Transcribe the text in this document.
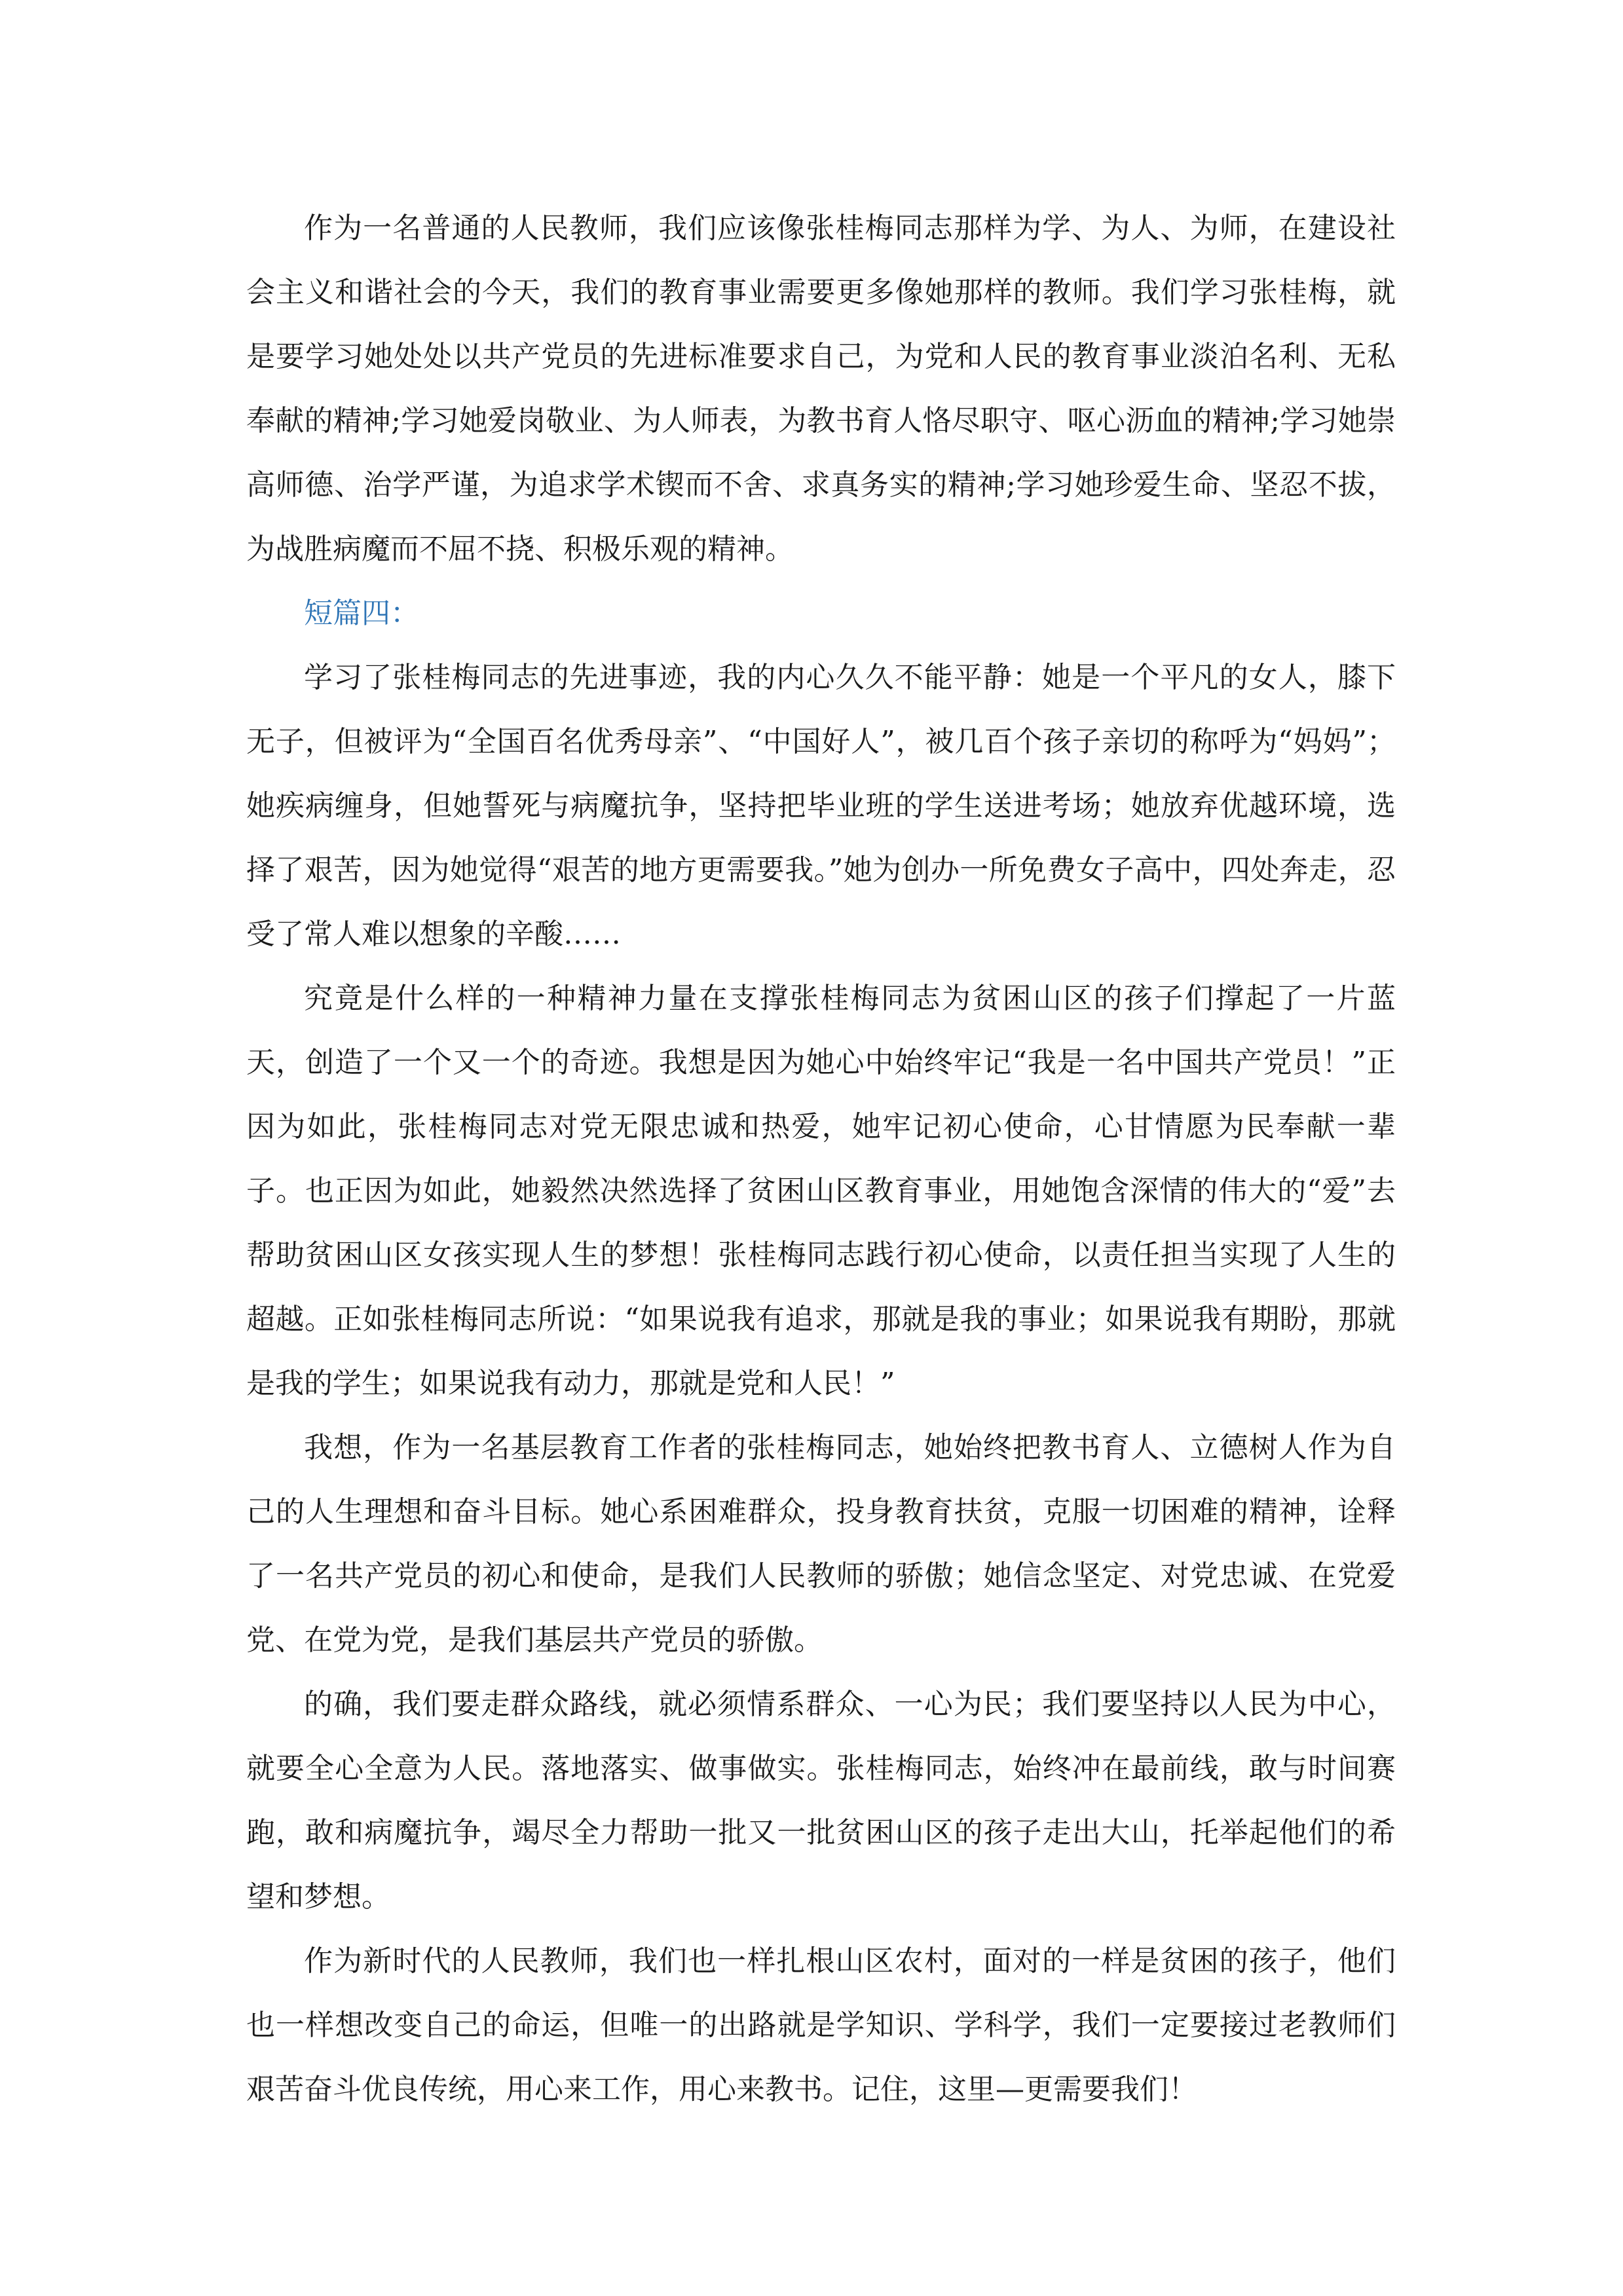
作为一名普通的人民教师，我们应该像张桂梅同志那样为学、为人、为师，在建设社会主义和谐社会的今天，我们的教育事业需要更多像她那样的教师。我们学习张桂梅，就是要学习她处处以共产党员的先进标准要求自己，为党和人民的教育事业淡泊名利、无私奉献的精神;学习她爱岗敬业、为人师表，为教书育人恪尽职守、呕心沥血的精神;学习她崇高师德、治学严谨，为追求学术锲而不舍、求真务实的精神;学习她珍爱生命、坚忍不拔，为战胜病魔而不屈不挠、积极乐观的精神。

短篇四：

学习了张桂梅同志的先进事迹，我的内心久久不能平静：她是一个平凡的女人，膝下无子，但被评为“全国百名优秀母亲”、“中国好人”，被几百个孩子亲切的称呼为“妈妈”；她疾病缠身，但她誓死与病魔抗争，坚持把毕业班的学生送进考场；她放弃优越环境，选择了艰苦，因为她觉得“艰苦的地方更需要我。”她为创办一所免费女子高中，四处奔走，忍受了常人难以想象的辛酸……

究竟是什么样的一种精神力量在支撑张桂梅同志为贫困山区的孩子们撑起了一片蓝天，创造了一个又一个的奇迹。我想是因为她心中始终牢记“我是一名中国共产党员！”正因为如此，张桂梅同志对党无限忠诚和热爱，她牢记初心使命，心甘情愿为民奉献一辈子。也正因为如此，她毅然决然选择了贫困山区教育事业，用她饱含深情的伟大的“爱”去帮助贫困山区女孩实现人生的梦想！张桂梅同志践行初心使命，以责任担当实现了人生的超越。正如张桂梅同志所说：“如果说我有追求，那就是我的事业；如果说我有期盼，那就是我的学生；如果说我有动力，那就是党和人民！”

我想，作为一名基层教育工作者的张桂梅同志，她始终把教书育人、立德树人作为自己的人生理想和奋斗目标。她心系困难群众，投身教育扶贫，克服一切困难的精神，诠释了一名共产党员的初心和使命，是我们人民教师的骄傲；她信念坚定、对党忠诚、在党爱党、在党为党，是我们基层共产党员的骄傲。

的确，我们要走群众路线，就必须情系群众、一心为民；我们要坚持以人民为中心，就要全心全意为人民。落地落实、做事做实。张桂梅同志，始终冲在最前线，敢与时间赛跑，敢和病魔抗争，竭尽全力帮助一批又一批贫困山区的孩子走出大山，托举起他们的希望和梦想。

作为新时代的人民教师，我们也一样扎根山区农村，面对的一样是贫困的孩子，他们也一样想改变自己的命运，但唯一的出路就是学知识、学科学，我们一定要接过老教师们艰苦奋斗优良传统，用心来工作，用心来教书。记住，这里—更需要我们！
